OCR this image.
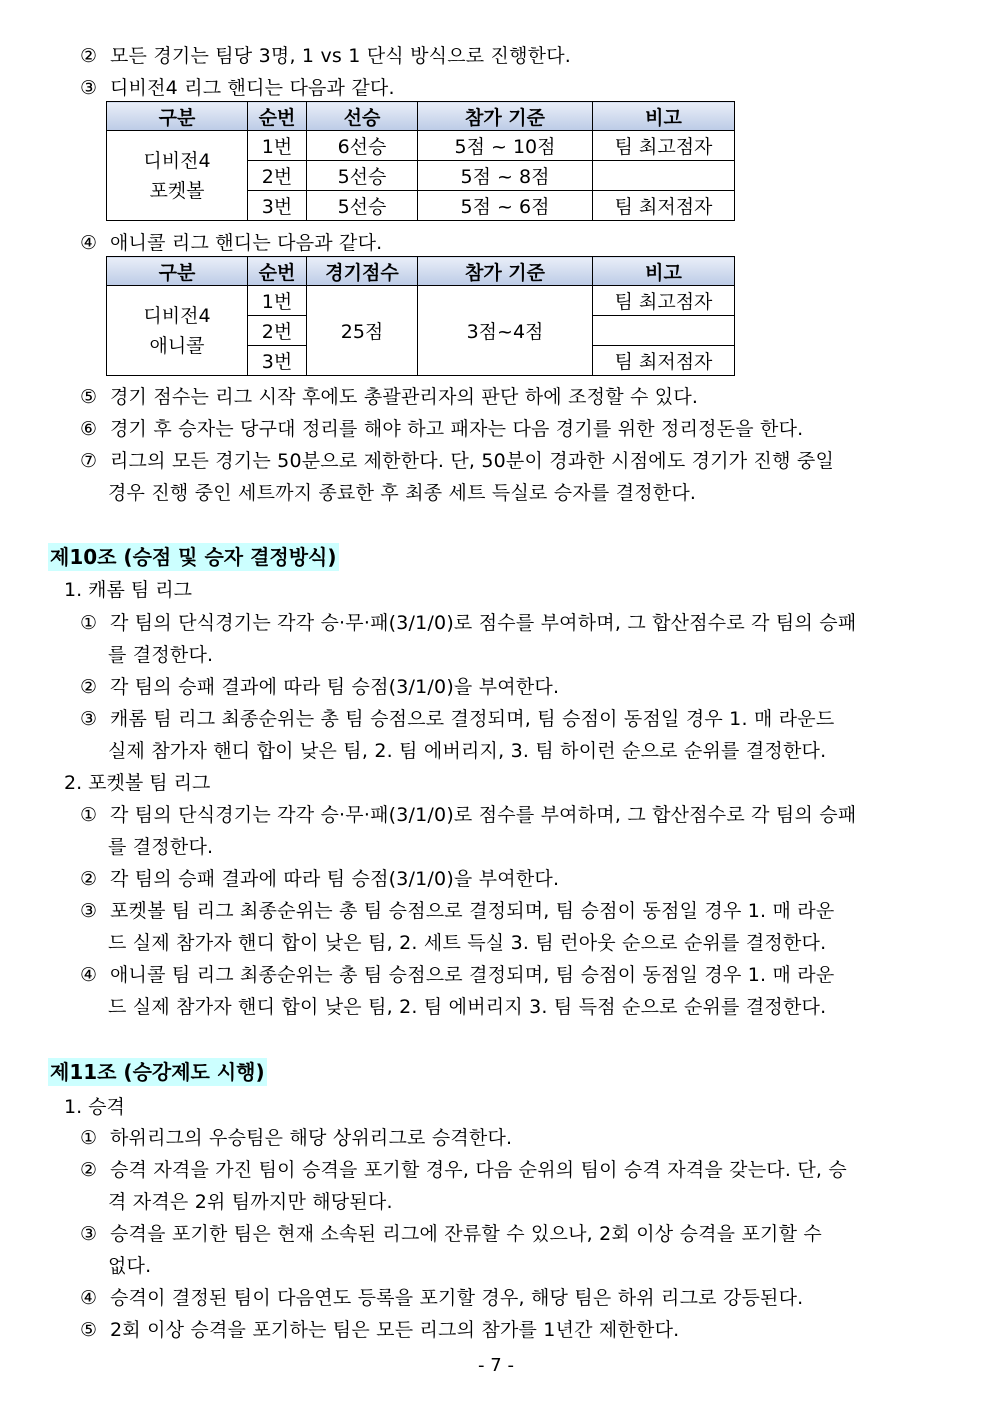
② 모든 경기는 팀당 3명, 1 vs 1 단식 방식으로 진행한다.
③ 디비전4 리그 핸디는 다음과 같다.
구분	순번	선승	참가 기준	비고
디비전4
포켓볼	1번	6선승	5점 ~ 10점	팀 최고점자
	2번	5선승	5점 ~ 8점	
	3번	5선승	5점 ~ 6점	팀 최저점자
④ 애니콜 리그 핸디는 다음과 같다.
구분	순번	경기점수	참가 기준	비고
디비전4
애니콜	1번	25점	3점~4점	팀 최고점자
	2번			
	3번			팀 최저점자
⑤ 경기 점수는 리그 시작 후에도 총괄관리자의 판단 하에 조정할 수 있다.
⑥ 경기 후 승자는 당구대 정리를 해야 하고 패자는 다음 경기를 위한 정리정돈을 한다.
⑦ 리그의 모든 경기는 50분으로 제한한다. 단, 50분이 경과한 시점에도 경기가 진행 중일
경우 진행 중인 세트까지 종료한 후 최종 세트 득실로 승자를 결정한다.
제10조 (승점 및 승자 결정방식)
1. 캐롬 팀 리그
① 각 팀의 단식경기는 각각 승·무·패(3/1/0)로 점수를 부여하며, 그 합산점수로 각 팀의 승패
를 결정한다.
② 각 팀의 승패 결과에 따라 팀 승점(3/1/0)을 부여한다.
③ 캐롬 팀 리그 최종순위는 총 팀 승점으로 결정되며, 팀 승점이 동점일 경우 1. 매 라운드
실제 참가자 핸디 합이 낮은 팀, 2. 팀 에버리지, 3. 팀 하이런 순으로 순위를 결정한다.
2. 포켓볼 팀 리그
① 각 팀의 단식경기는 각각 승·무·패(3/1/0)로 점수를 부여하며, 그 합산점수로 각 팀의 승패
를 결정한다.
② 각 팀의 승패 결과에 따라 팀 승점(3/1/0)을 부여한다.
③ 포켓볼 팀 리그 최종순위는 총 팀 승점으로 결정되며, 팀 승점이 동점일 경우 1. 매 라운
드 실제 참가자 핸디 합이 낮은 팀, 2. 세트 득실 3. 팀 런아웃 순으로 순위를 결정한다.
④ 애니콜 팀 리그 최종순위는 총 팀 승점으로 결정되며, 팀 승점이 동점일 경우 1. 매 라운
드 실제 참가자 핸디 합이 낮은 팀, 2. 팀 에버리지 3. 팀 득점 순으로 순위를 결정한다.
제11조 (승강제도 시행)
1. 승격
① 하위리그의 우승팀은 해당 상위리그로 승격한다.
② 승격 자격을 가진 팀이 승격을 포기할 경우, 다음 순위의 팀이 승격 자격을 갖는다. 단, 승
격 자격은 2위 팀까지만 해당된다.
③ 승격을 포기한 팀은 현재 소속된 리그에 잔류할 수 있으나, 2회 이상 승격을 포기할 수
없다.
④ 승격이 결정된 팀이 다음연도 등록을 포기할 경우, 해당 팀은 하위 리그로 강등된다.
⑤ 2회 이상 승격을 포기하는 팀은 모든 리그의 참가를 1년간 제한한다.
- 7 -
